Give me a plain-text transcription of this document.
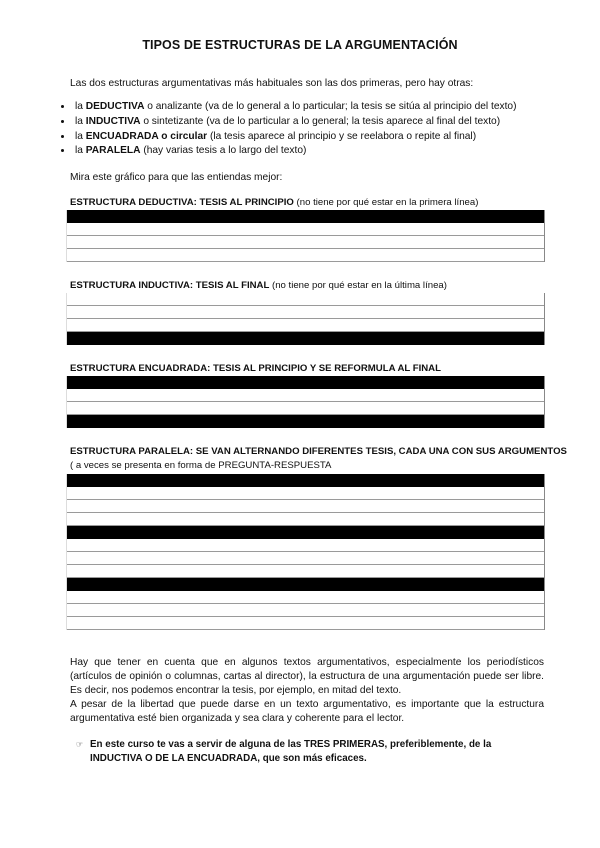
TIPOS DE ESTRUCTURAS DE LA ARGUMENTACIÓN
Las dos estructuras argumentativas más habituales son las dos primeras, pero hay otras:
• la DEDUCTIVA o analizante (va de lo general a lo particular; la tesis se sitúa al principio del texto)
• la INDUCTIVA o sintetizante (va de lo particular a lo general; la tesis aparece al final del texto)
• la ENCUADRADA o circular (la tesis aparece al principio y se reelabora o repite al final)
• la PARALELA (hay varias tesis a lo largo del texto)
Mira este gráfico para que las entiendas mejor:
ESTRUCTURA DEDUCTIVA: TESIS AL PRINCIPIO (no tiene por qué estar en la primera línea)
ESTRUCTURA INDUCTIVA: TESIS AL FINAL (no tiene por qué estar en la última línea)
ESTRUCTURA ENCUADRADA: TESIS AL PRINCIPIO Y SE REFORMULA AL FINAL
ESTRUCTURA PARALELA: SE VAN ALTERNANDO DIFERENTES TESIS, CADA UNA CON SUS ARGUMENTOS
( a veces se presenta en forma de PREGUNTA-RESPUESTA

Hay que tener en cuenta que en algunos textos argumentativos, especialmente los periodísticos (artículos de opinión o columnas, cartas al director), la estructura de una argumentación puede ser libre. Es decir, nos podemos encontrar la tesis, por ejemplo, en mitad del texto.

A pesar de la libertad que puede darse en un texto argumentativo, es importante que la estructura argumentativa esté bien organizada y sea clara y coherente para el lector.

☞ En este curso te vas a servir de alguna de las TRES PRIMERAS, preferiblemente, de la INDUCTIVA O DE LA ENCUADRADA, que son más eficaces.
